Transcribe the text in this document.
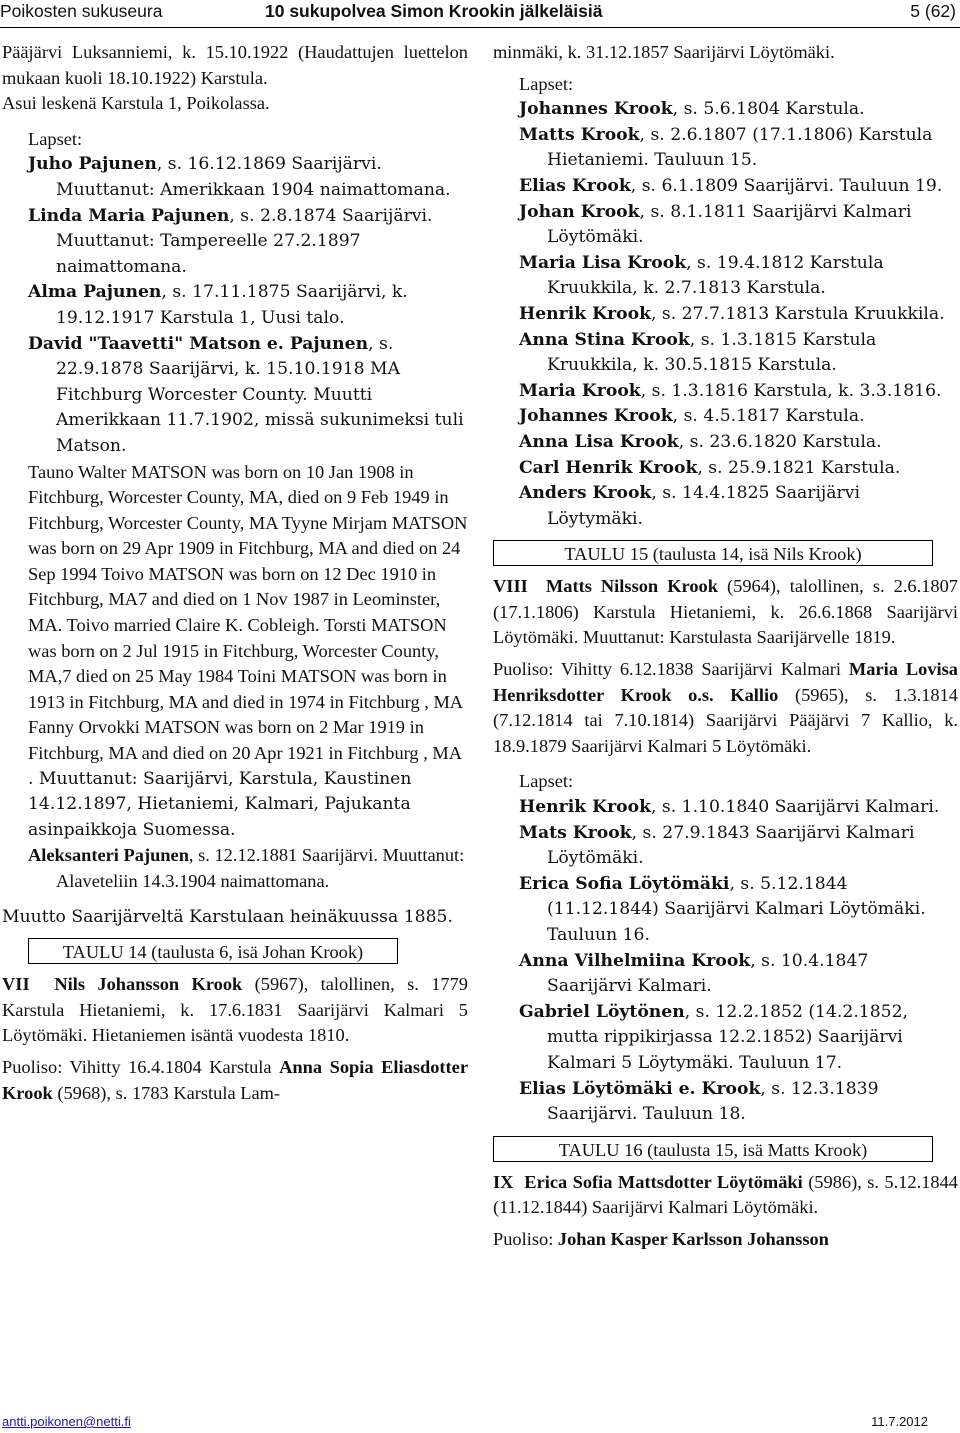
Poikosten sukuseura	10 sukupolvea Simon Krookin jälkeläisiä	5 (62)

Pääjärvi Luksanniemi, k. 15.10.1922 (Haudattujen luettelon mukaan kuoli 18.10.1922) Karstula.

Asui leskenä Karstula 1, Poikolassa.

Lapset:

Juho Pajunen, s. 16.12.1869 Saarijärvi. Muuttanut: Amerikkaan 1904 naimattomana.

Linda Maria Pajunen, s. 2.8.1874 Saarijärvi. Muuttanut: Tampereelle 27.2.1897 naimattomana.

Alma Pajunen, s. 17.11.1875 Saarijärvi, k. 19.12.1917 Karstula 1, Uusi talo.

David "Taavetti" Matson e. Pajunen, s. 22.9.1878 Saarijärvi, k. 15.10.1918 MA Fitchburg Worcester County. Muutti Amerikkaan 11.7.1902, missä sukunimeksi tuli Matson.

Tauno Walter MATSON was born on 10 Jan 1908 in Fitchburg, Worcester County, MA, died on 9 Feb 1949 in Fitchburg, Worcester County, MA Tyyne Mirjam MATSON was born on 29 Apr 1909 in Fitchburg, MA and died on 24 Sep 1994 Toivo MATSON was born on 12 Dec 1910 in Fitchburg, MA7 and died on 1 Nov 1987 in Leominster, MA. Toivo married Claire K. Cobleigh. Torsti MATSON was born on 2 Jul 1915 in Fitchburg, Worcester County, MA,7 died on 25 May 1984 Toini MATSON was born in 1913 in Fitchburg, MA and died in 1974 in Fitchburg , MA Fanny Orvokki MATSON was born on 2 Mar 1919 in Fitchburg, MA and died on 20 Apr 1921 in Fitchburg , MA

. Muuttanut: Saarijärvi, Karstula, Kaustinen 14.12.1897, Hietaniemi, Kalmari, Pajukanta asinpaikkoja Suomessa.

Aleksanteri Pajunen, s. 12.12.1881 Saarijärvi. Muuttanut: Alaveteliin 14.3.1904 naimattomana.

Muutto Saarijärveltä Karstulaan heinäkuussa 1885.

TAULU 14 (taulusta 6, isä Johan Krook)

VII Nils Johansson Krook (5967), talollinen, s. 1779 Karstula Hietaniemi, k. 17.6.1831 Saarijärvi Kalmari 5 Löytömäki. Hietaniemen isäntä vuodesta 1810.

Puoliso: Vihitty 16.4.1804 Karstula Anna Sopia Eliasdotter Krook (5968), s. 1783 Karstula Lam-

minmäki, k. 31.12.1857 Saarijärvi Löytömäki.

Lapset:

Johannes Krook, s. 5.6.1804 Karstula.

Matts Krook, s. 2.6.1807 (17.1.1806) Karstula Hietaniemi. Tauluun 15.

Elias Krook, s. 6.1.1809 Saarijärvi. Tauluun 19.

Johan Krook, s. 8.1.1811 Saarijärvi Kalmari Löytömäki.

Maria Lisa Krook, s. 19.4.1812 Karstula Kruukkila, k. 2.7.1813 Karstula.

Henrik Krook, s. 27.7.1813 Karstula Kruukkila.

Anna Stina Krook, s. 1.3.1815 Karstula Kruukkila, k. 30.5.1815 Karstula.

Maria Krook, s. 1.3.1816 Karstula, k. 3.3.1816.

Johannes Krook, s. 4.5.1817 Karstula.

Anna Lisa Krook, s. 23.6.1820 Karstula.

Carl Henrik Krook, s. 25.9.1821 Karstula.

Anders Krook, s. 14.4.1825 Saarijärvi Löytymäki.

TAULU 15 (taulusta 14, isä Nils Krook)

VIII Matts Nilsson Krook (5964), talollinen, s. 2.6.1807 (17.1.1806) Karstula Hietaniemi, k. 26.6.1868 Saarijärvi Löytömäki. Muuttanut: Karstulasta Saarijärvelle 1819.

Puoliso: Vihitty 6.12.1838 Saarijärvi Kalmari Maria Lovisa Henriksdotter Krook o.s. Kallio (5965), s. 1.3.1814 (7.12.1814 tai 7.10.1814) Saarijärvi Pääjärvi 7 Kallio, k. 18.9.1879 Saarijärvi Kalmari 5 Löytömäki.

Lapset:

Henrik Krook, s. 1.10.1840 Saarijärvi Kalmari.

Mats Krook, s. 27.9.1843 Saarijärvi Kalmari Löytömäki.

Erica Sofia Löytömäki, s. 5.12.1844 (11.12.1844) Saarijärvi Kalmari Löytömäki. Tauluun 16.

Anna Vilhelmiina Krook, s. 10.4.1847 Saarijärvi Kalmari.

Gabriel Löytönen, s. 12.2.1852 (14.2.1852, mutta rippikirjassa 12.2.1852) Saarijärvi Kalmari 5 Löytymäki. Tauluun 17.

Elias Löytömäki e. Krook, s. 12.3.1839 Saarijärvi. Tauluun 18.

TAULU 16 (taulusta 15, isä Matts Krook)

IX Erica Sofia Mattsdotter Löytömäki (5986), s. 5.12.1844 (11.12.1844) Saarijärvi Kalmari Löytömäki.

Puoliso: Johan Kasper Karlsson Johansson

antti.poikonen@netti.fi	11.7.2012
